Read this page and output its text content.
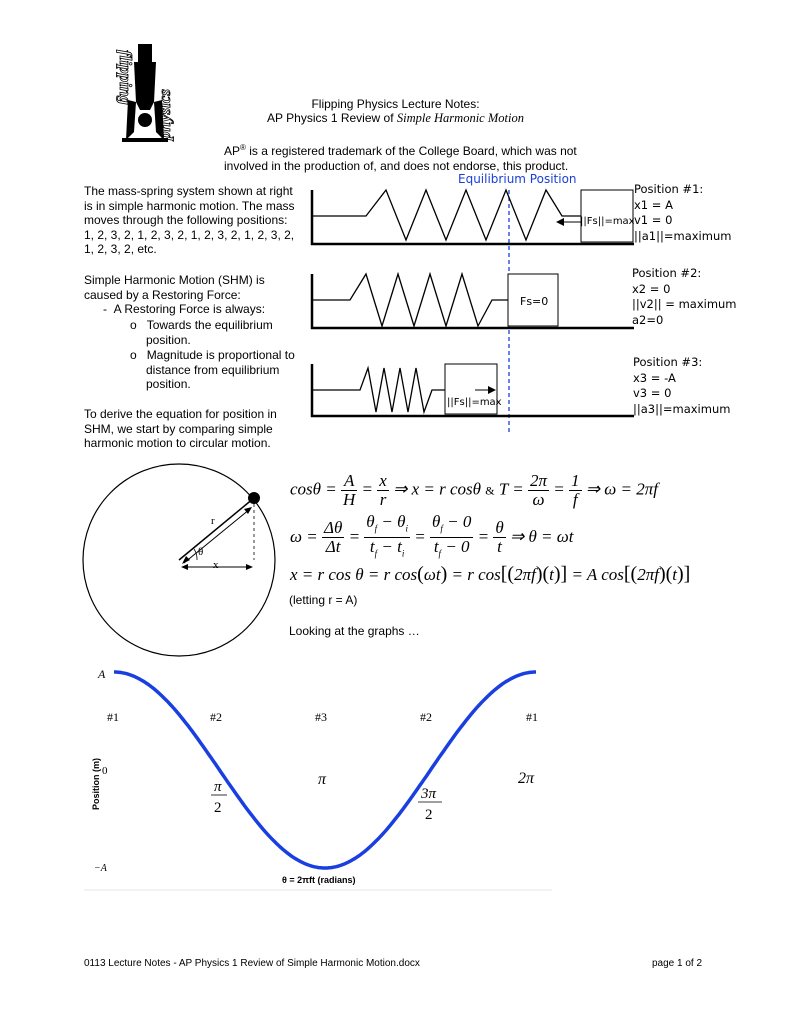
flipping
physics	Flipping Physics Lecture Notes:
AP Physics 1 Review of Simple Harmonic Motion
AP® is a registered trademark of the College Board, which was not involved in the production of, and does not endorse, this product.
The mass-spring system shown at right is in simple harmonic motion. The mass moves through the following positions: 1, 2, 3, 2, 1, 2, 3, 2, 1, 2, 3, 2, 1, 2, 3, 2, 1, 2, 3, 2, etc.
Simple Harmonic Motion (SHM) is caused by a Restoring Force:
-  A Restoring Force is always:
o   Towards the equilibrium position.
o   Magnitude is proportional to distance from equilibrium position.
To derive the equation for position in SHM, we start by comparing simple harmonic motion to circular motion.
Equilibrium Position
||Fs||=max
Fs=0
||Fs||=max
Position #1:
x1 = A
v1 = 0
||a1||=maximum
Position #2:
x2 = 0
||v2|| = maximum
a2=0
Position #3:
x3 = -A
v3 = 0
||a3||=maximum
r
θ
x
$\cos\theta = \frac{A}{H} = \frac{x}{r}$ ⇒ x = r cosθ & $T = \frac{2\pi}{\omega} = \frac{1}{f}$ ⇒ ω = 2πf
$\omega = \frac{\Delta\theta}{\Delta t} = \frac{\theta_f - \theta_i}{t_f - t_i} = \frac{\theta_f - 0}{t_f - 0} = \frac{\theta}{t}$ ⇒ θ = ωt
x = r cos θ = r cos(ωt) = r cos[(2πf)(t)] = A cos[(2πf)(t)]
(letting r = A)
Looking at the graphs …
A
0
−A
Position (m)
θ = 2πft (radians)
#1	#2	#3	#2	#1
π
2
π
3π
2
2π
0113 Lecture Notes - AP Physics 1 Review of Simple Harmonic Motion.docx	page 1 of 2
